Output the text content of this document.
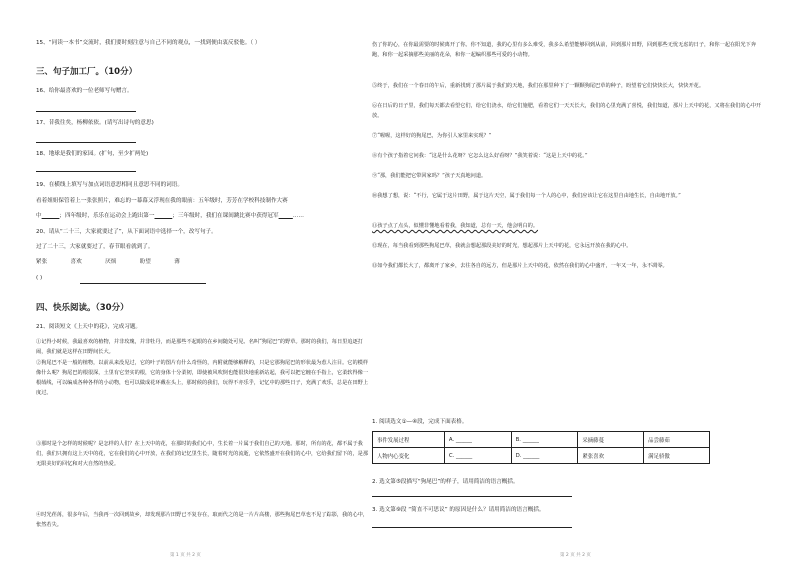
15、“同读一本书”交流时，我们要时刻注意与自己不同的观点，一找到便由衷反驳他。（ ）
三、句子加工厂。（10分）
16、给你最喜欢的一位老师写句赠言。
17、昔我往矣，杨柳依依。(请写出诗句的意思)
18、地球是我们的家园。(扩句，至少扩两处)
19、在横线上填写与加点词语意思相同且意思不同的词语。
看着姐姐保管着上一张张照片，难忘的一幕幕又浮现在我的眼前：五年级时，芳芳在学校科技制作大赛
中	；四年级时，乐乐在运动会上跑出第一	；三年级时，我们在课间跳比赛中获得冠军	……
20、请从“二十三，大家就要过了”，从下面词语中选择一个，改写句子。
过了二十三，大家就要过了，春节眼看就到了。
紧张	喜欢	厌烦	盼望	薄
( )
四、快乐阅读。（30分）
21、阅读短文《上天中的花》，完成习题。
①记得小时候，我最喜欢的植物，并非玫瑰，并非牡丹，而是那些不起眼的在乡间随处可见、名叫“狗尾巴”的野草。那时的我们，每日里追逐打闹，我们就是这样在田野间长大。
②狗尾巴不是一般的植物，以前从来没见过，它的叶子的图片有什么奇怪的，内附就能够解释的，只是它那狗尾巴的形状最为惹人注目。它的模样像什么呢？狗尾巴的根很深，土里有它坚实的根，它的身体十分柔韧，即使被风吹倒也能很快地重新站起，我可以把它缠在手指上，它柔软得像一根绒线，可以编成各种各样的小动物，也可以做成花环戴在头上，那时候的我们，玩得不亦乐乎，记忆中的那些日子，充满了欢乐，总是在田野上度过。
③那时是个怎样的时候呢？是怎样的人们？在上天中的花，在那时的我们心中，生长着一片属于我们自己的天地。那时，所有的花，都不属于我们，我们只拥有这上天中的花，它在我们的心中开放，在我们的记忆里生长，随着时光的流逝，它依然盛开在我们的心中，它给我们留下的，是那无限美好的回忆和对大自然的热爱。
④时光荏苒，很多年后，当我再一次回到故乡，却发现那片田野已不复存在，取而代之的是一片片高楼，那些狗尾巴草也不见了踪影，我的心中，怅然若失。
伤了你的心，在你最需要的时候离开了你。你不知道，我的心里有多么难受，我多么希望能够回到从前，回到那片田野，回到那些无忧无虑的日子，和你一起在阳光下奔跑，和你一起采摘那些美丽的花朵，和你一起编织那些可爱的小动物。
⑤终于，我们在一个春日的午后，重新找到了那片属于我们的天地，我们在那里种下了一颗颗狗尾巴草的种子，盼望着它们快快长大，快快开花。
⑥在日后的日子里，我们每天都去看望它们，给它们浇水，给它们施肥，看着它们一天天长大，我们的心里充满了喜悦，我们知道，那片上天中的花，又将在我们的心中开放。
⑦“喔喔，这样好的狗尾巴，为你引人家里来实现？”
⑧有个孩子指着它问我：“这是什么花呀？它怎么这么好看呀？”我笑着说：“这是上天中的花。”
⑨“那，我们能把它带回家吗？”孩子天真地问道。
⑩我想了想，说：“不行，它属于这片田野，属于这片天空，属于我们每一个人的心中，我们应该让它在这里自由地生长，自由地开放。”
⑪孩子点了点头，似懂非懂地看着我，我知道，总有一天，他会明白的。
⑫现在，每当我看到那些狗尾巴草，我就会想起那段美好的时光，想起那片上天中的花，它永远开放在我的心中。
⑬如今我们都长大了，都离开了家乡，去往各自的远方，但是那片上天中的花，依然在我们的心中盛开，一年又一年，永不凋零。
1. 阅读选文①—④段，完成下面表格。
事件发展过程	A. ______	B. ______	采摘藤蔓	品尝藤茹
人物内心变化	C. ______	D. ______	紧张喜欢	满足骄傲
2. 选文第⑤段描写“狗尾巴”的样子，请用简洁的语言概括。
3. 选文第⑨段 “简直不可思议” 的原因是什么？请用简洁的语言概括。
第 1 页 共 2 页	第 2 页 共 2 页
